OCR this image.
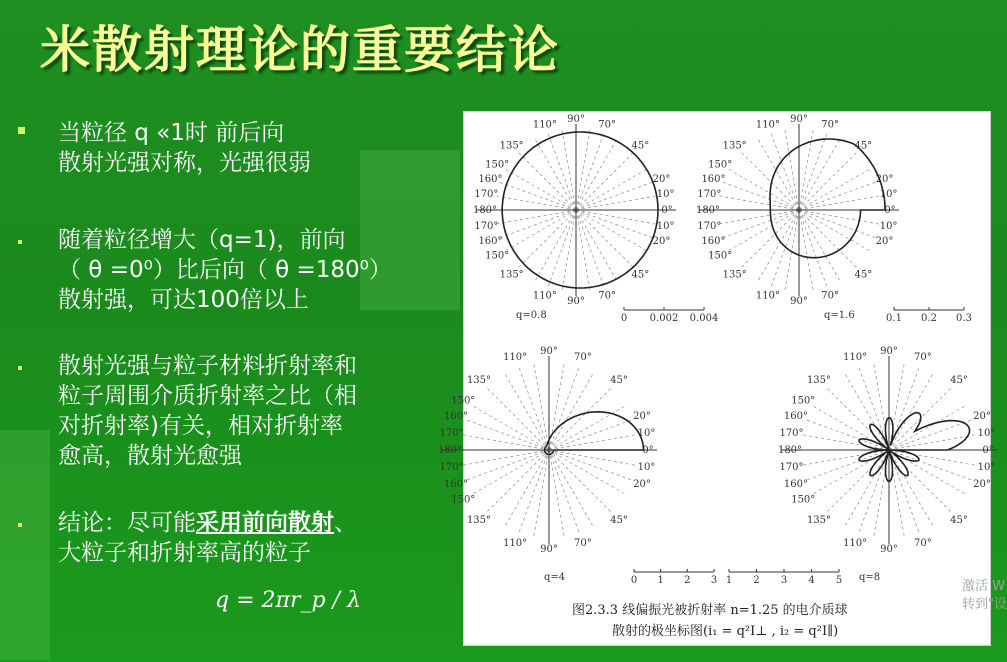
米散射理论的重要结论
当粒径 q «1时 前后向
散射光强对称，光强很弱
随着粒径增大（q=1)，前向
（ θ =0⁰）比后向（ θ =180⁰）
散射强，可达100倍以上
散射光强与粒子材料折射率和
粒子周围介质折射率之比（相
对折射率)有关，相对折射率
愈高，散射光愈强
结论：尽可能采用前向散射、
大粒子和折射率高的粒子
q = 2πr_p / λ
0°
10°
10°
20°
20°
45°
45°
70°
70°
90°
90°
110°
110°
135°
135°
150°
150°
160°
160°
170°
170°
180°
q=0.8	0 0.002 0.004
0°
10°
10°
20°
20°
45°
45°
70°
70°
90°
90°
110°
110°
135°
135°
150°
150°
160°
160°
170°
170°
180°
q=1.6	0.1 0.2 0.3
0°
10°
10°
20°
20°
45°
45°
70°
70°
90°
90°
110°
110°
135°
135°
150°
150°
160°
160°
170°
170°
180°
q=4	0 1 2 3
0°
10°
10°
20°
20°
45°
45°
70°
70°
90°
90°
110°
110°
135°
135°
150°
150°
160°
160°
170°
170°
180°
q=8
1 2 3 4 5
图2.3.3 线偏振光被折射率 n=1.25 的电介质球
散射的极坐标图(i₁ = q²I⊥ , i₂ = q²I∥)
激活 W
转到"设
